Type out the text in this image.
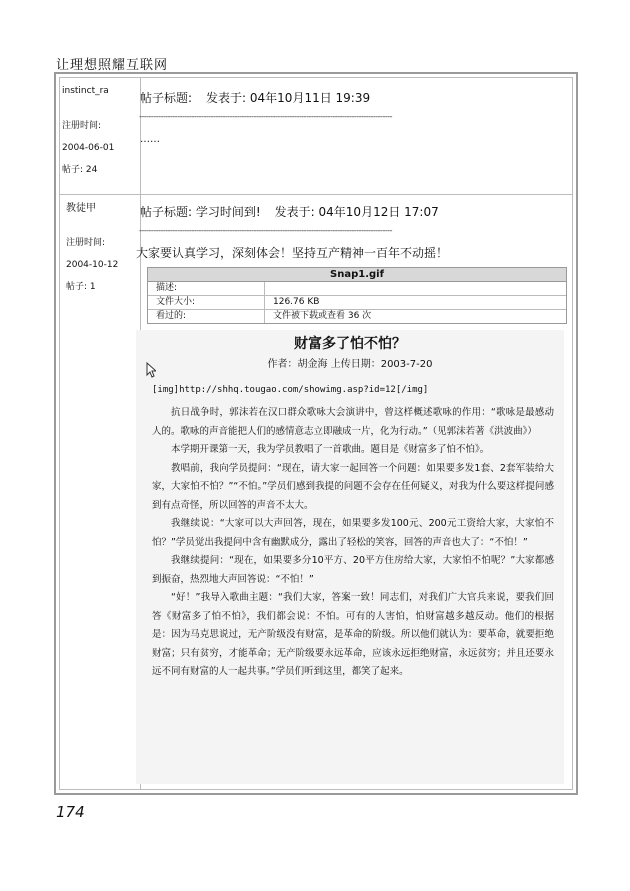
让理想照耀互联网
instinct_ra
注册时间:
2004-06-01
帖子: 24
帖子标题: 发表于: 04年10月11日 19:39
----------------------------------------------------------------------------------------------------------
……
教徒甲
注册时间:
2004-10-12
帖子: 1
帖子标题: 学习时间到! 发表于: 04年10月12日 17:07
----------------------------------------------------------------------------------------------------------
大家要认真学习，深刻体会！坚持互产精神一百年不动摇！
Snap1.gif
描述:
文件大小:	126.76 KB
看过的:	文件被下载或查看 36 次
财富多了怕不怕？
作者：胡金海 上传日期：2003-7-20
[img]http://shhq.tougao.com/showimg.asp?id=12[/img]

抗日战争时，郭沫若在汉口群众歌咏大会演讲中，曾这样概述歌咏的作用：“歌咏是最感动人的。歌咏的声音能把人们的感情意志立即融成一片，化为行动。”（见郭沫若著《洪波曲》）

本学期开课第一天，我为学员教唱了一首歌曲。题目是《财富多了怕不怕》。

教唱前，我向学员提问：“现在，请大家一起回答一个问题：如果要多发1套、2套军装给大家，大家怕不怕？”“不怕。”学员们感到我提的问题不会存在任何疑义，对我为什么要这样提问感到有点奇怪，所以回答的声音不太大。

我继续说：“大家可以大声回答，现在，如果要多发100元、200元工资给大家，大家怕不怕？”学员觉出我提问中含有幽默成分，露出了轻松的笑容，回答的声音也大了：“不怕！”

我继续提问：“现在，如果要多分10平方、20平方住房给大家，大家怕不怕呢？”大家都感到振奋，热烈地大声回答说：“不怕！”

“好！”我导入歌曲主题：“我们大家，答案一致！同志们，对我们广大官兵来说，要我们回答《财富多了怕不怕》，我们都会说：不怕。可有的人害怕，怕财富越多越反动。他们的根据是：因为马克思说过，无产阶级没有财富，是革命的阶级。所以他们就认为：要革命，就要拒绝财富；只有贫穷，才能革命；无产阶级要永远革命，应该永远拒绝财富，永远贫穷；并且还要永远不同有财富的人一起共事。”学员们听到这里，都笑了起来。

174
